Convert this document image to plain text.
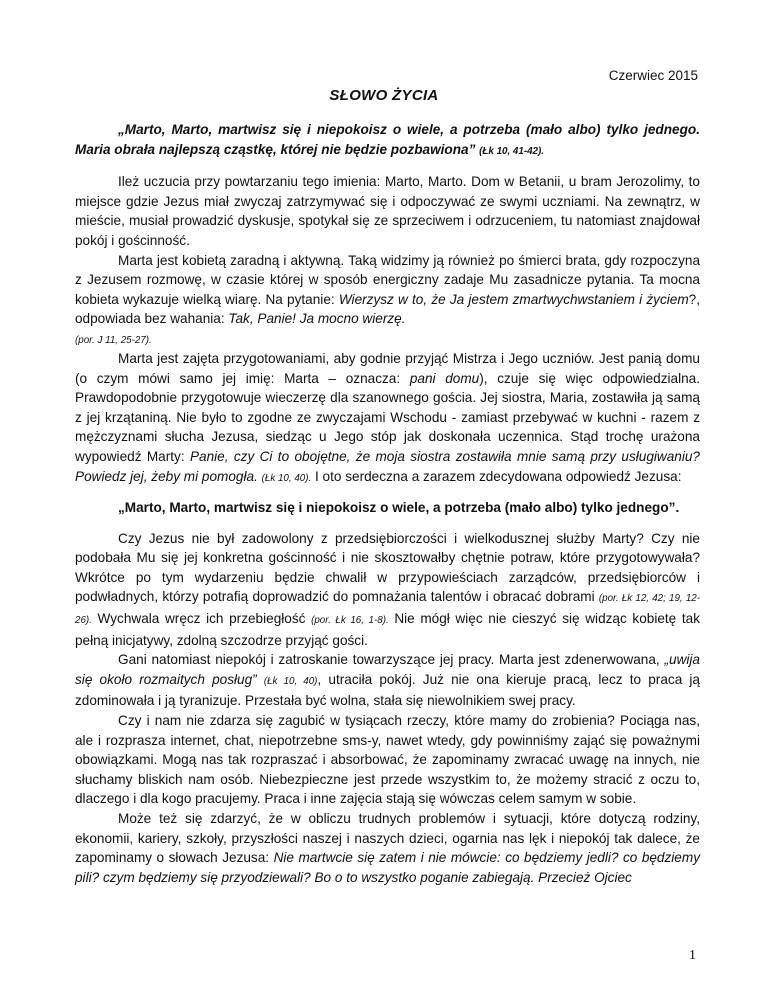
Czerwiec 2015
SŁOWO ŻYCIA

„Marto, Marto, martwisz się i niepokoisz o wiele, a potrzeba (mało albo) tylko jednego. Maria obrała najlepszą cząstkę, której nie będzie pozbawiona” (Łk 10, 41-42).

Ileż uczucia przy powtarzaniu tego imienia: Marto, Marto. Dom w Betanii, u bram Jerozolimy, to miejsce gdzie Jezus miał zwyczaj zatrzymywać się i odpoczywać ze swymi uczniami. Na zewnątrz, w mieście, musiał prowadzić dyskusje, spotykał się ze sprzeciwem i odrzuceniem, tu natomiast znajdował pokój i gościnność.

Marta jest kobietą zaradną i aktywną. Taką widzimy ją również po śmierci brata, gdy rozpoczyna z Jezusem rozmowę, w czasie której w sposób energiczny zadaje Mu zasadnicze pytania. Ta mocna kobieta wykazuje wielką wiarę. Na pytanie: Wierzysz w to, że Ja jestem zmartwychwstaniem i życiem?, odpowiada bez wahania: Tak, Panie! Ja mocno wierzę.
(por. J 11, 25-27).

Marta jest zajęta przygotowaniami, aby godnie przyjąć Mistrza i Jego uczniów. Jest panią domu (o czym mówi samo jej imię: Marta – oznacza: pani domu), czuje się więc odpowiedzialna. Prawdopodobnie przygotowuje wieczerzę dla szanownego gościa. Jej siostra, Maria, zostawiła ją samą z jej krzątaniną. Nie było to zgodne ze zwyczajami Wschodu - zamiast przebywać w kuchni - razem z mężczyznami słucha Jezusa, siedząc u Jego stóp jak doskonała uczennica. Stąd trochę urażona wypowiedź Marty: Panie, czy Ci to obojętne, że moja siostra zostawiła mnie samą przy usługiwaniu? Powiedz jej, żeby mi pomogła. (Łk 10, 40). I oto serdeczna a zarazem zdecydowana odpowiedź Jezusa:

„Marto, Marto, martwisz się i niepokoisz o wiele, a potrzeba (mało albo) tylko jednego”.

Czy Jezus nie był zadowolony z przedsiębiorczości i wielkodusznej służby Marty? Czy nie podobała Mu się jej konkretna gościnność i nie skosztowałby chętnie potraw, które przygotowywała? Wkrótce po tym wydarzeniu będzie chwalił w przypowieściach zarządców, przedsiębiorców i podwładnych, którzy potrafią doprowadzić do pomnażania talentów i obracać dobrami (por. Łk 12, 42; 19, 12-26). Wychwala wręcz ich przebiegłość (por. Łk 16, 1-8). Nie mógł więc nie cieszyć się widząc kobietę tak pełną inicjatywy, zdolną szczodrze przyjąć gości.

Gani natomiast niepokój i zatroskanie towarzyszące jej pracy. Marta jest zdenerwowana, „uwija się około rozmaitych posług” (Łk 10, 40), utraciła pokój. Już nie ona kieruje pracą, lecz to praca ją zdominowała i ją tyranizuje. Przestała być wolna, stała się niewolnikiem swej pracy.

Czy i nam nie zdarza się zagubić w tysiącach rzeczy, które mamy do zrobienia? Pociąga nas, ale i rozprasza internet, chat, niepotrzebne sms-y, nawet wtedy, gdy powinniśmy zająć się poważnymi obowiązkami. Mogą nas tak rozpraszać i absorbować, że zapominamy zwracać uwagę na innych, nie słuchamy bliskich nam osób. Niebezpieczne jest przede wszystkim to, że możemy stracić z oczu to, dlaczego i dla kogo pracujemy. Praca i inne zajęcia stają się wówczas celem samym w sobie.

Może też się zdarzyć, że w obliczu trudnych problemów i sytuacji, które dotyczą rodziny, ekonomii, kariery, szkoły, przyszłości naszej i naszych dzieci, ogarnia nas lęk i niepokój tak dalece, że zapominamy o słowach Jezusa: Nie martwcie się zatem i nie mówcie: co będziemy jedli? co będziemy pili? czym będziemy się przyodziewali? Bo o to wszystko poganie zabiegają. Przecież Ojciec

1
